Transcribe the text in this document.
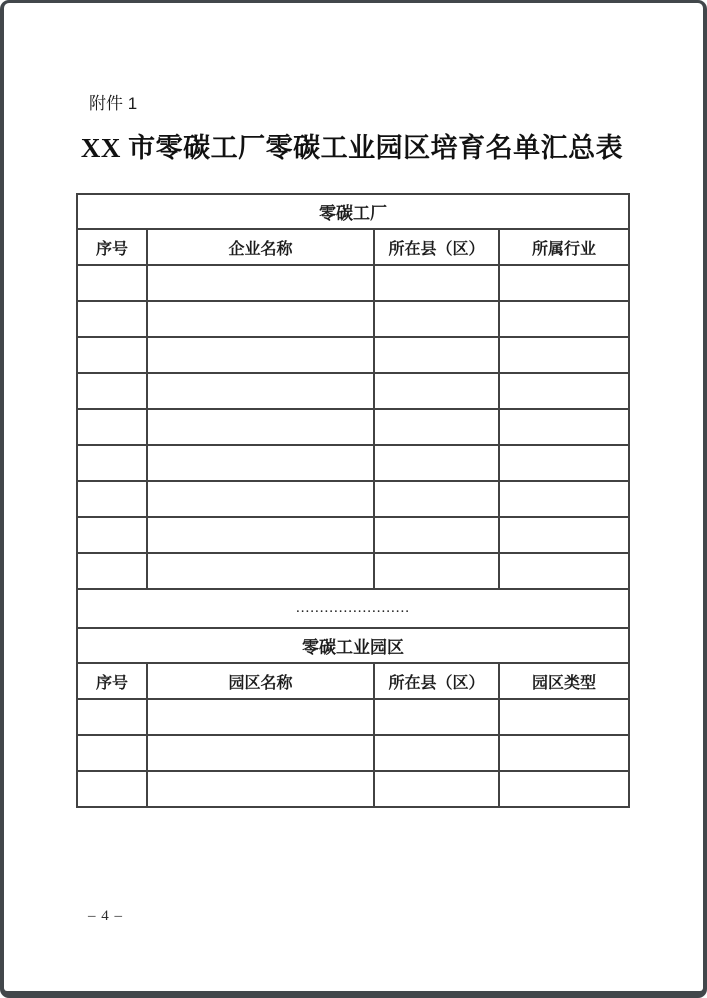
附件 1
XX 市零碳工厂零碳工业园区培育名单汇总表
零碳工厂			
序号	企业名称	所在县（区）	所属行业

........................			
零碳工业园区			
序号	园区名称	所在县（区）	园区类型

– 4 –
